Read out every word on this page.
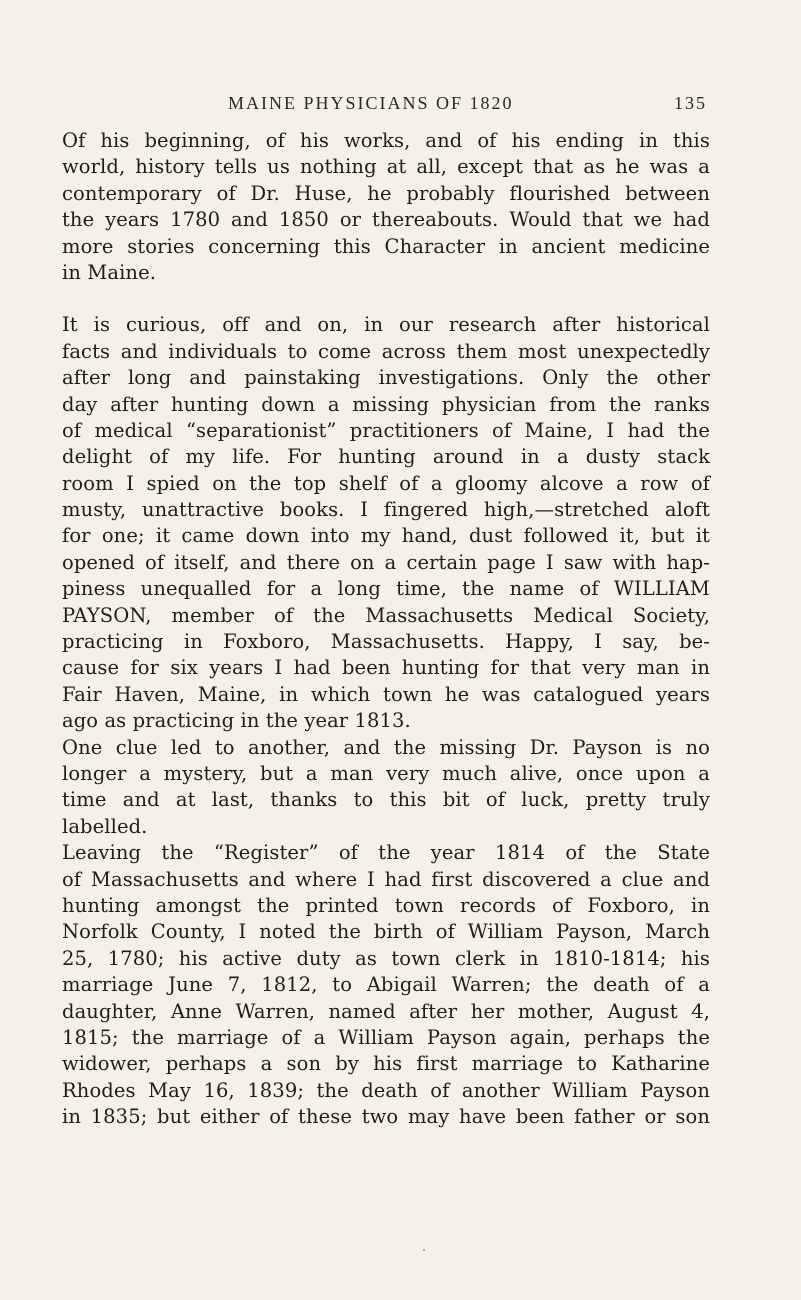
MAINE PHYSICIANS OF 1820	135
Of his beginning, of his works, and of his ending in this
world, history tells us nothing at all, except that as he was a
contemporary of Dr. Huse, he probably flourished between
the years 1780 and 1850 or thereabouts. Would that we had
more stories concerning this Character in ancient medicine
in Maine.
It is curious, off and on, in our research after historical
facts and individuals to come across them most unexpectedly
after long and painstaking investigations. Only the other
day after hunting down a missing physician from the ranks
of medical “separationist” practitioners of Maine, I had the
delight of my life. For hunting around in a dusty stack
room I spied on the top shelf of a gloomy alcove a row of
musty, unattractive books. I fingered high,—stretched aloft
for one; it came down into my hand, dust followed it, but it
opened of itself, and there on a certain page I saw with hap-
piness unequalled for a long time, the name of WILLIAM
PAYSON, member of the Massachusetts Medical Society,
practicing in Foxboro, Massachusetts. Happy, I say, be-
cause for six years I had been hunting for that very man in
Fair Haven, Maine, in which town he was catalogued years
ago as practicing in the year 1813.
One clue led to another, and the missing Dr. Payson is no
longer a mystery, but a man very much alive, once upon a
time and at last, thanks to this bit of luck, pretty truly
labelled.
Leaving the “Register” of the year 1814 of the State
of Massachusetts and where I had first discovered a clue and
hunting amongst the printed town records of Foxboro, in
Norfolk County, I noted the birth of William Payson, March
25, 1780; his active duty as town clerk in 1810-1814; his
marriage June 7, 1812, to Abigail Warren; the death of a
daughter, Anne Warren, named after her mother, August 4,
1815; the marriage of a William Payson again, perhaps the
widower, perhaps a son by his first marriage to Katharine
Rhodes May 16, 1839; the death of another William Payson
in 1835; but either of these two may have been father or son
